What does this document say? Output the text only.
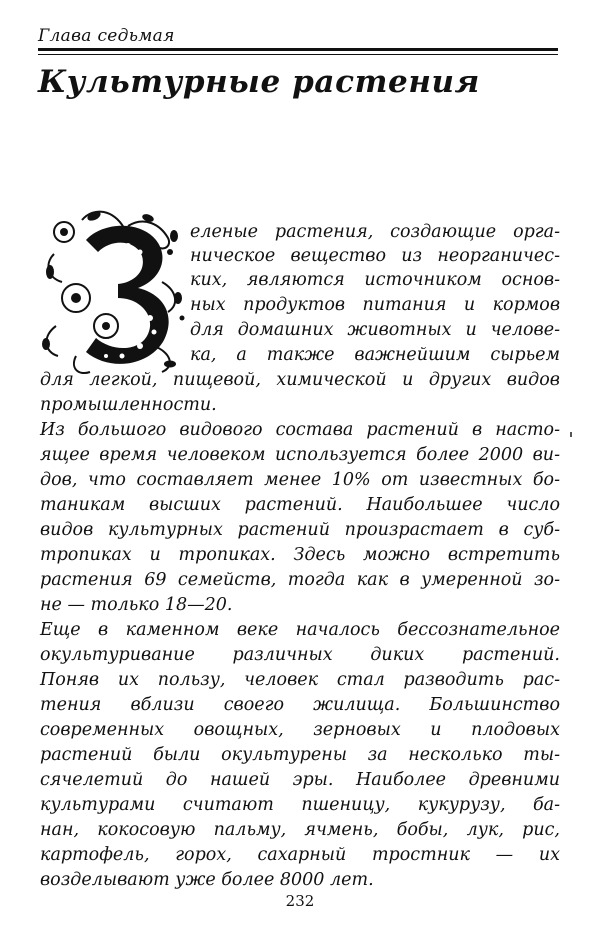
Глава седьмая
Культурные растения
еленые растения, создающие орга-
ническое вещество из неорганичес-
ких, являются источником основ-
ных продуктов питания и кормов
для домашних животных и челове-
ка, а также важнейшим сырьем
для легкой, пищевой, химической и других видов
промышленности.
Из большого видового состава растений в насто-
ящее время человеком используется более 2000 ви-
дов, что составляет менее 10% от известных бо-
таникам высших растений. Наибольшее число
видов культурных растений произрастает в суб-
тропиках и тропиках. Здесь можно встретить
растения 69 семейств, тогда как в умеренной зо-
не — только 18—20.
Еще в каменном веке началось бессознательное
окультуривание различных диких растений.
Поняв их пользу, человек стал разводить рас-
тения вблизи своего жилища. Большинство
современных овощных, зерновых и плодовых
растений были окультурены за несколько ты-
сячелетий до нашей эры. Наиболее древними
культурами считают пшеницу, кукурузу, ба-
нан, кокосовую пальму, ячмень, бобы, лук, рис,
картофель, горох, сахарный тростник — их
возделывают уже более 8000 лет.
232
